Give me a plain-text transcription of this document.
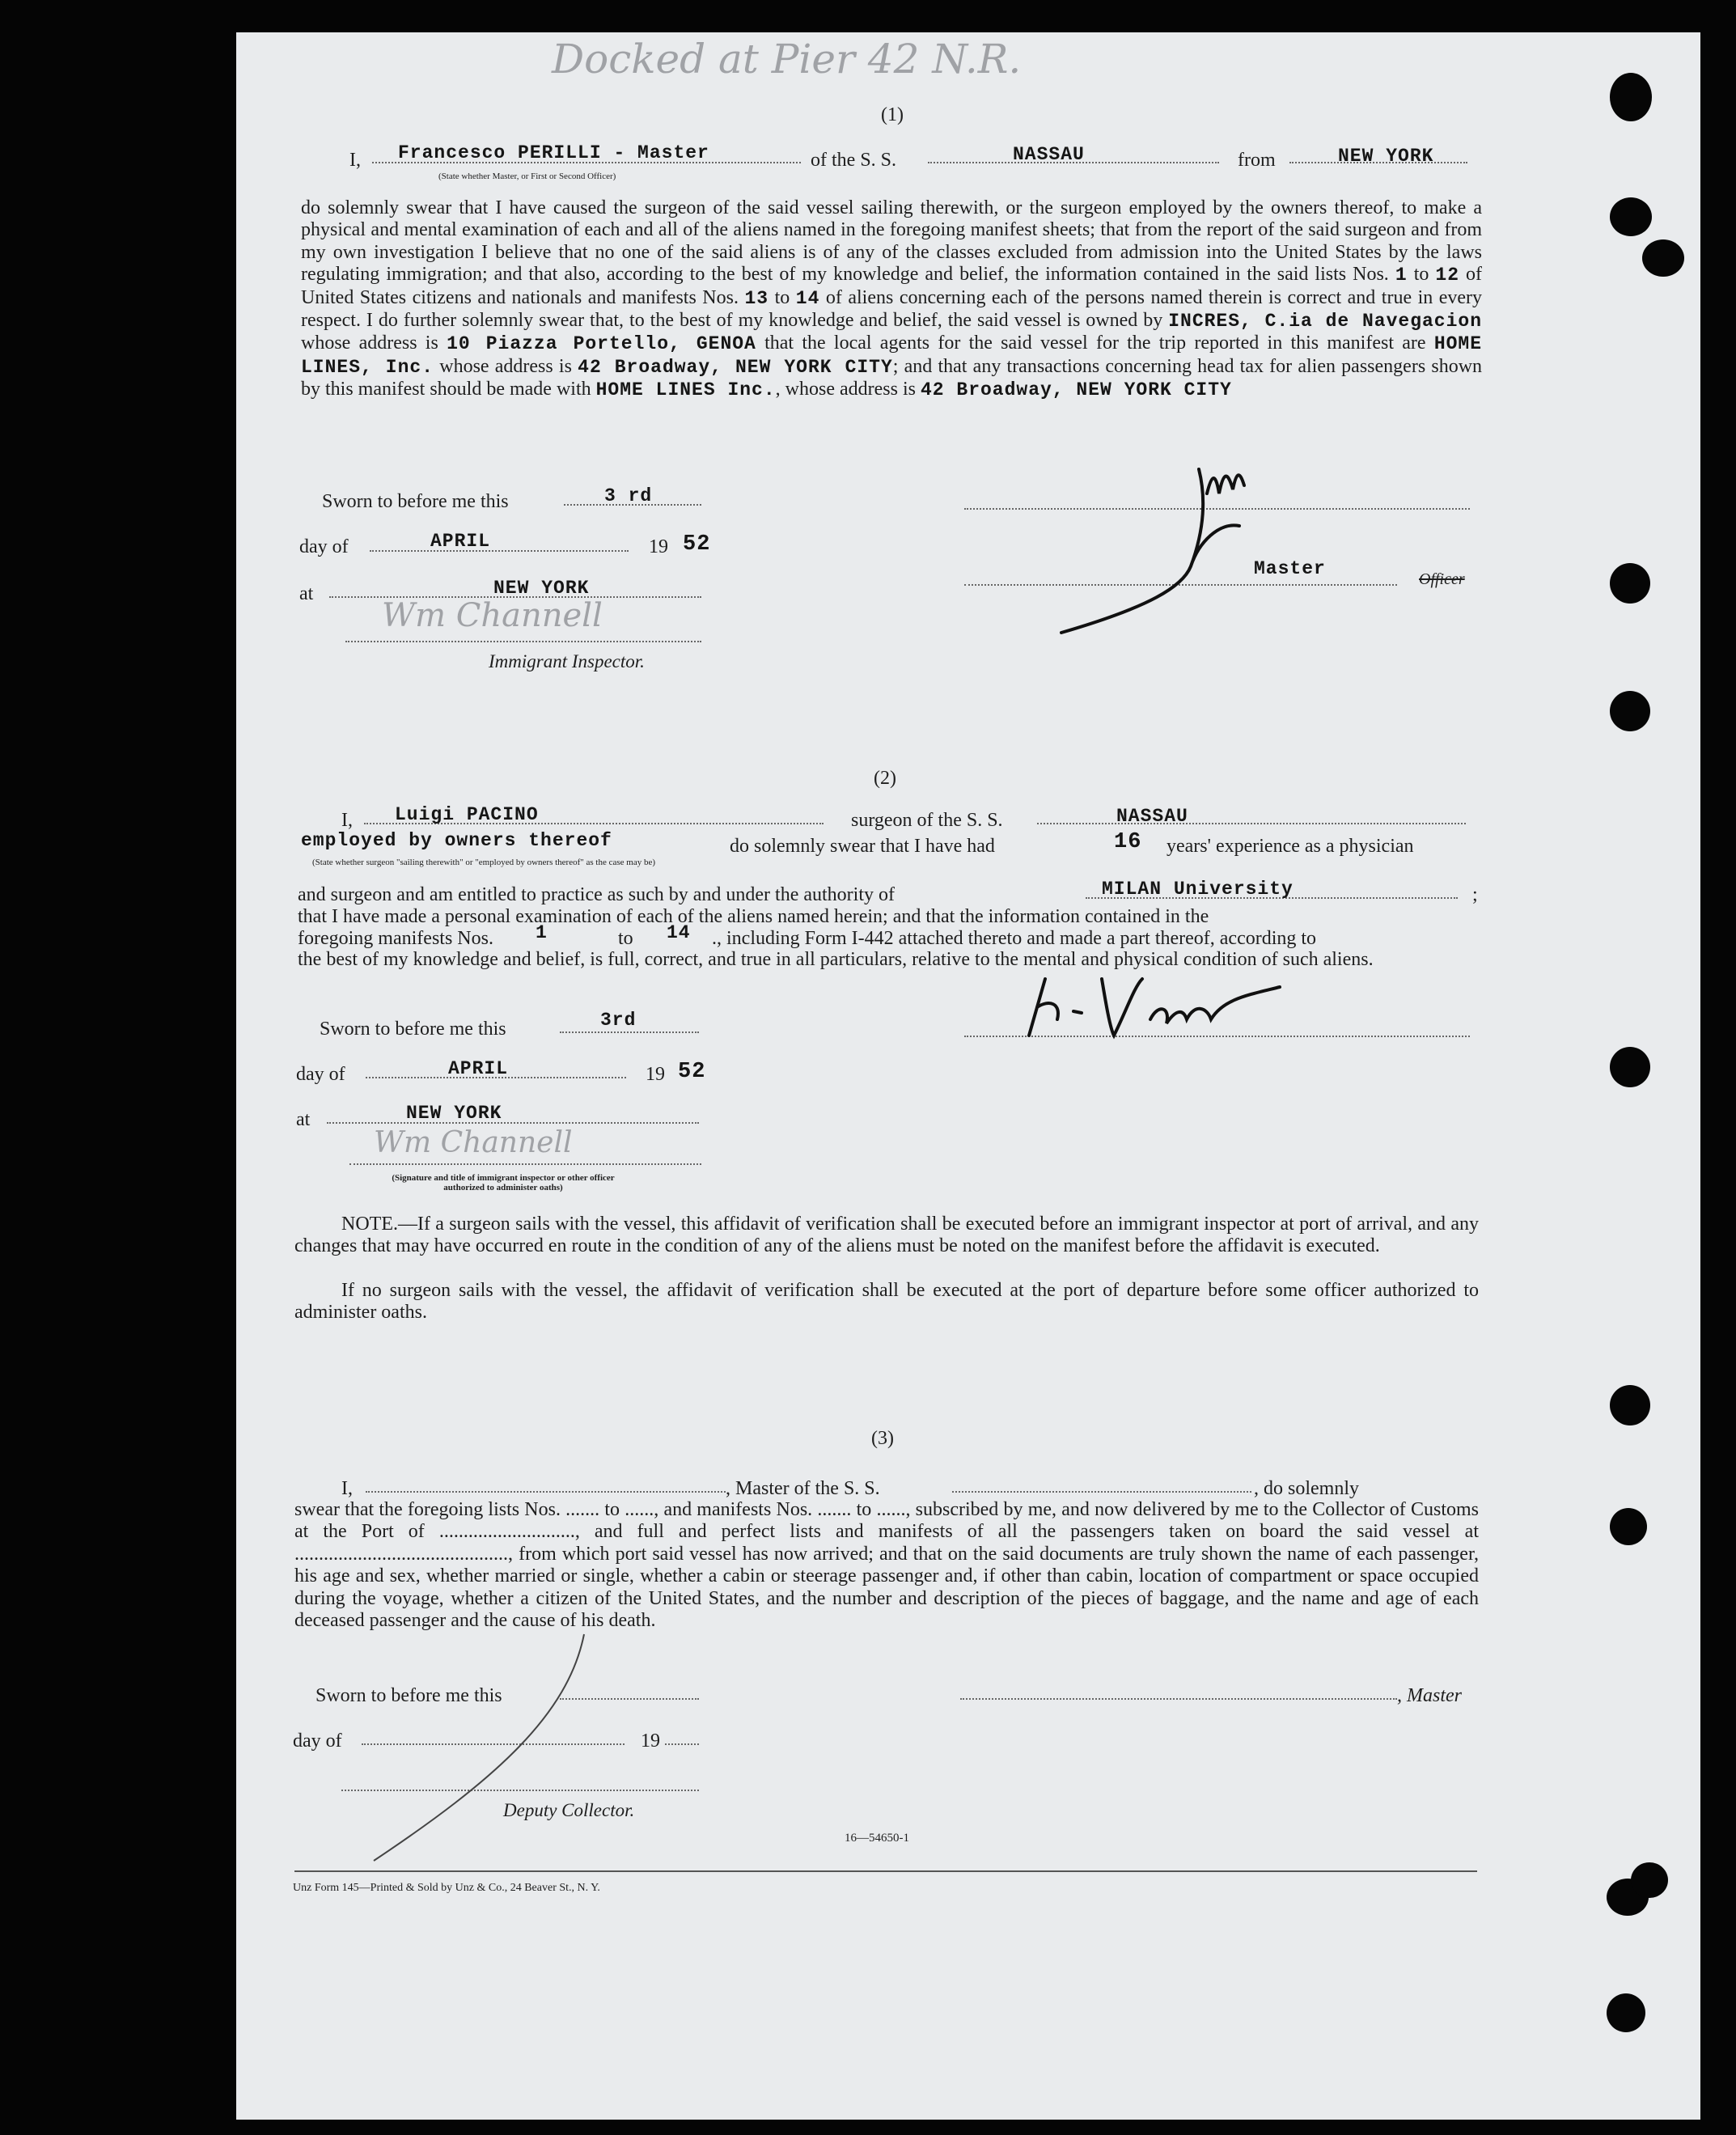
Docked at Pier 42 N.R.
(1)
I, Francesco PERILLI - Master	of the S. S.	NASSAU	from	NEW YORK
(State whether Master, or First or Second Officer)
do solemnly swear that I have caused the surgeon of the said vessel sailing therewith, or the surgeon employed by the owners thereof, to make a physical and mental examination of each and all of the aliens named in the foregoing manifest sheets; that from the report of the said surgeon and from my own investigation I believe that no one of the said aliens is of any of the classes excluded from admission into the United States by the laws regulating immigration; and that also, according to the best of my knowledge and belief, the information contained in the said lists Nos. 1 to 12 of United States citizens and nationals and manifests Nos. 13 to 14 of aliens concerning each of the persons named therein is correct and true in every respect. I do further solemnly swear that, to the best of my knowledge and belief, the said vessel is owned by INCRES, C.ia de Navegacion whose address is 10 Piazza Portello, GENOA that the local agents for the said vessel for the trip reported in this manifest are HOME LINES, Inc. whose address is 42 Broadway, NEW YORK CITY; and that any transactions concerning head tax for alien passengers shown by this manifest should be made with HOME LINES Inc., whose address is 42 Broadway, NEW YORK CITY
Sworn to before me this	3 rd
day of	APRIL	19 52
at	NEW YORK
Wm Channell
Immigrant Inspector.
Master	Officer
(2)
I, Luigi PACINO	surgeon of the S. S.	NASSAU
employed by owners thereof	do solemnly swear that I have had	16 years' experience as a physician
(State whether surgeon "sailing therewith" or "employed by owners thereof" as the case may be)
and surgeon and am entitled to practice as such by and under the authority of	MILAN University	;
that I have made a personal examination of each of the aliens named herein; and that the information contained in the
foregoing manifests Nos. 1	to 14 ., including Form I-442 attached thereto and made a part thereof, according to
the best of my knowledge and belief, is full, correct, and true in all particulars, relative to the mental and physical condition of such aliens.
Sworn to before me this	3rd
day of	APRIL	19 52
at	NEW YORK
Wm Channell
(Signature and title of immigrant inspector or other officer authorized to administer oaths)
NOTE.—If a surgeon sails with the vessel, this affidavit of verification shall be executed before an immigrant inspector at port of arrival, and any changes that may have occurred en route in the condition of any of the aliens must be noted on the manifest before the affidavit is executed.
If no surgeon sails with the vessel, the affidavit of verification shall be executed at the port of departure before some officer authorized to administer oaths.
(3)
I,	, Master of the S. S.	, do solemnly
swear that the foregoing lists Nos. ....... to ......, and manifests Nos. ....... to ......, subscribed by me, and now delivered by me to the Collector of Customs at the Port of ............................, and full and perfect lists and manifests of all the passengers taken on board the said vessel at ............................................, from which port said vessel has now arrived; and that on the said documents are truly shown the name of each passenger, his age and sex, whether married or single, whether a cabin or steerage passenger and, if other than cabin, location of compartment or space occupied during the voyage, whether a citizen of the United States, and the number and description of the pieces of baggage, and the name and age of each deceased passenger and the cause of his death.
Sworn to before me this	, Master
day of	19
Deputy Collector.
16—54650-1
Unz Form 145—Printed & Sold by Unz & Co., 24 Beaver St., N. Y.
